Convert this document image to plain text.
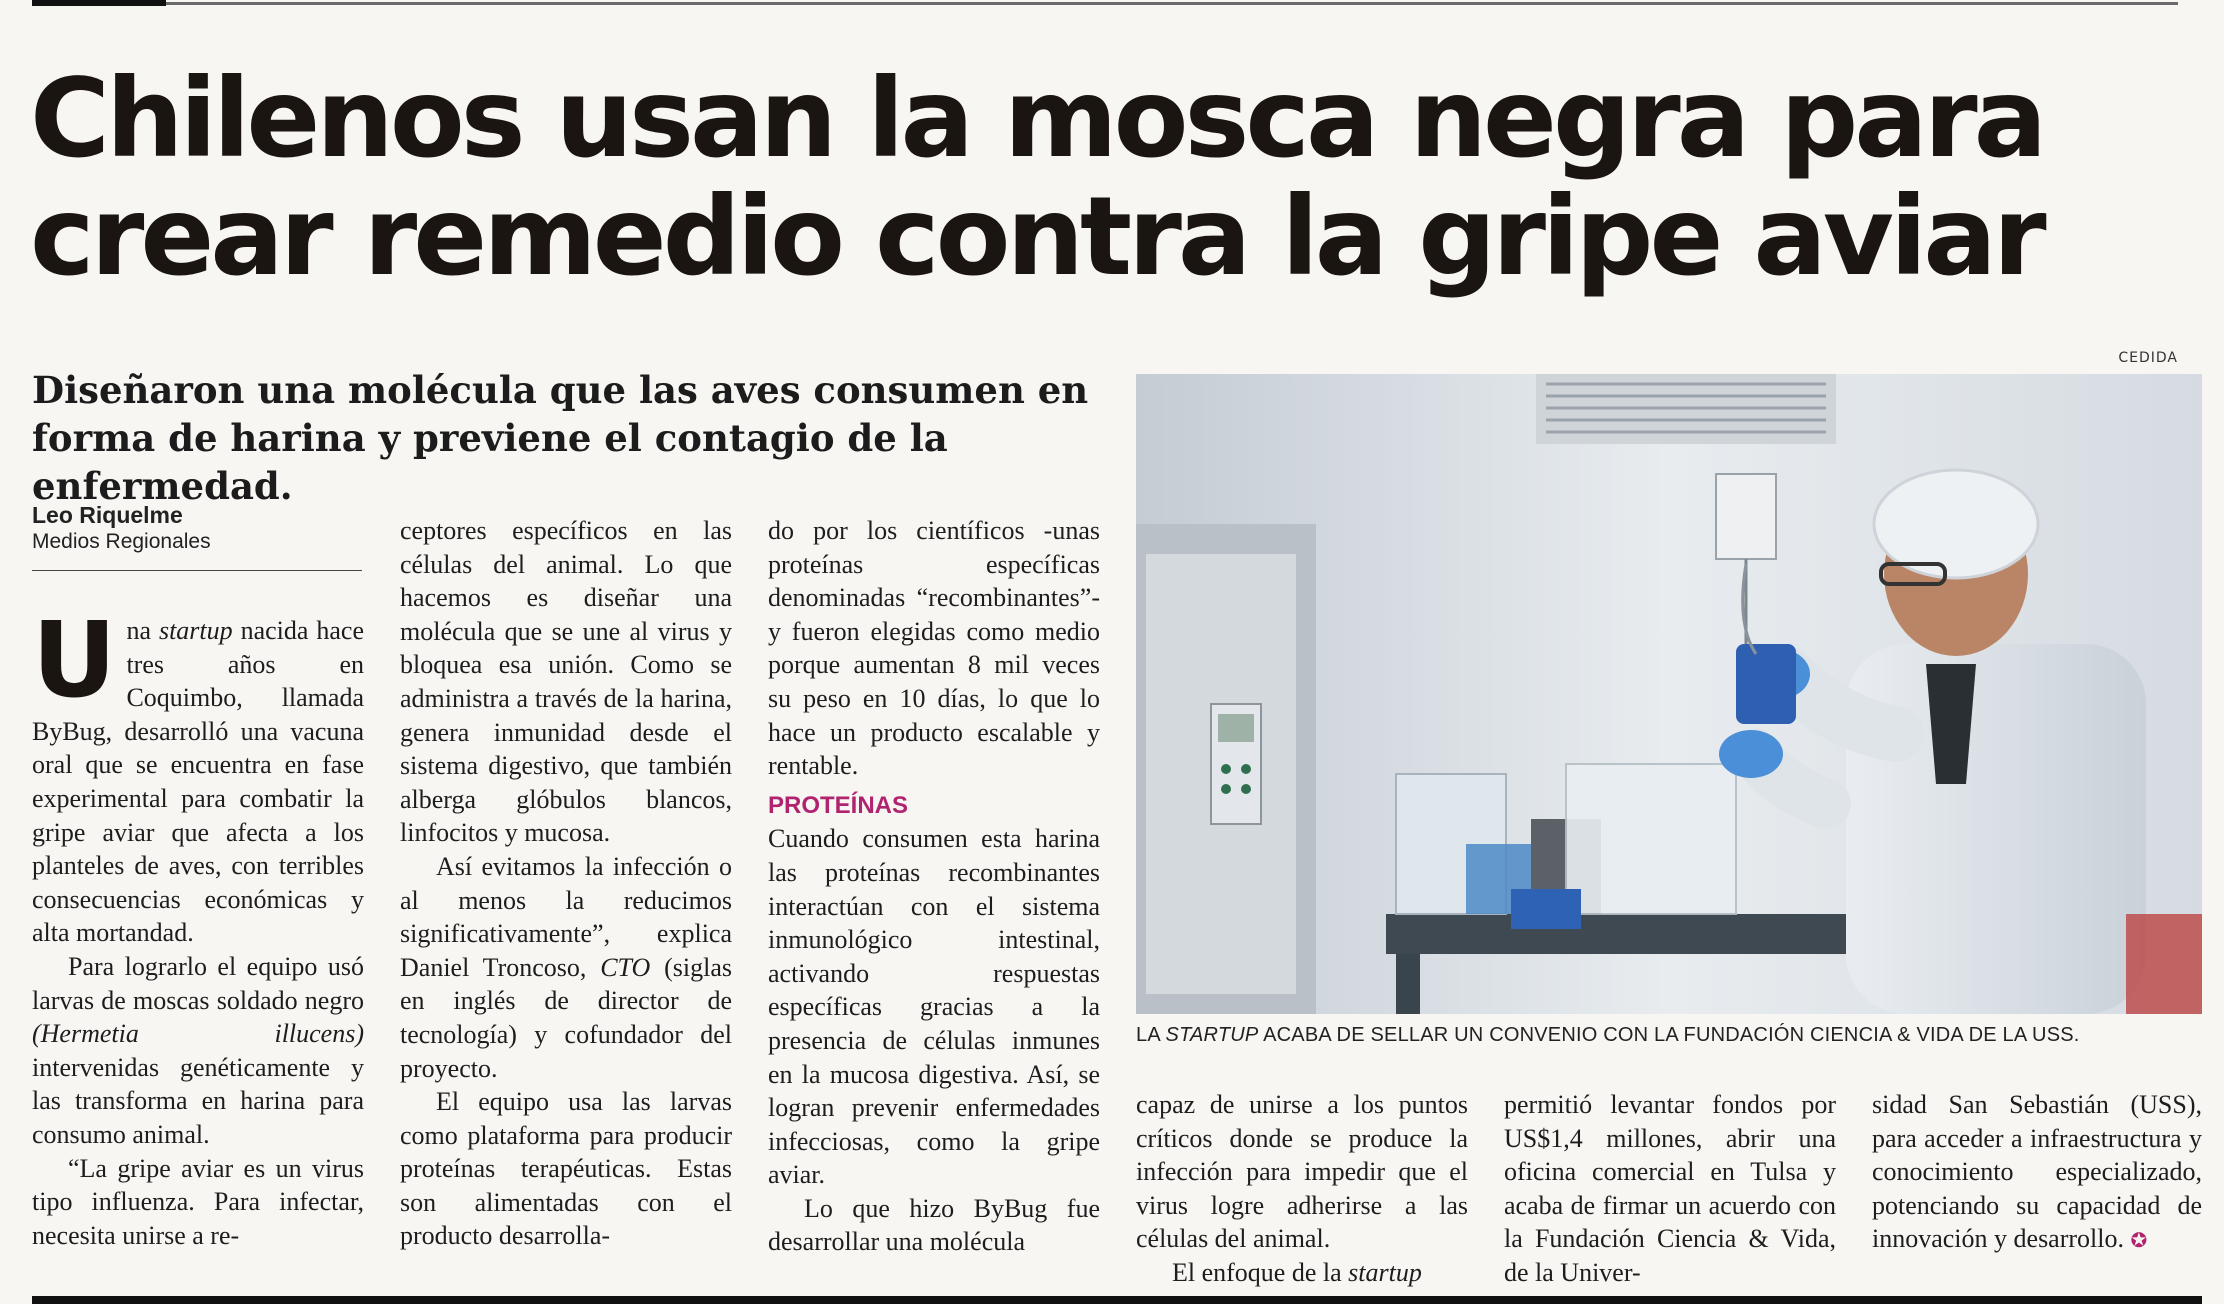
Chilenos usan la mosca negra para
crear remedio contra la gripe aviar
CEDIDA
Diseñaron una molécula que las aves consumen en forma de harina y previene el contagio de la enfermedad.
Leo Riquelme
Medios Regionales

Una startup nacida hace tres años en Coquimbo, llamada ByBug, desarrolló una vacuna oral que se encuentra en fase experimental para combatir la gripe aviar que afecta a los planteles de aves, con terribles consecuencias económicas y alta mortandad.

Para lograrlo el equipo usó larvas de moscas soldado negro (Hermetia illucens) intervenidas genéticamente y las transforma en harina para consumo animal.

“La gripe aviar es un virus tipo influenza. Para infectar, necesita unirse a re-

ceptores específicos en las células del animal. Lo que hacemos es diseñar una molécula que se une al virus y bloquea esa unión. Como se administra a través de la harina, genera inmunidad desde el sistema digestivo, que también alberga glóbulos blancos, linfocitos y mucosa.

Así evitamos la infección o al menos la reducimos significativamente”, explica Daniel Troncoso, CTO (siglas en inglés de director de tecnología) y cofundador del proyecto.

El equipo usa las larvas como plataforma para producir proteínas terapéuticas. Estas son alimentadas con el producto desarrolla-

do por los científicos -unas proteínas específicas denominadas “recombinantes”- y fueron elegidas como medio porque aumentan 8 mil veces su peso en 10 días, lo que lo hace un producto escalable y rentable.

PROTEÍNAS

Cuando consumen esta harina las proteínas recombinantes interactúan con el sistema inmunológico intestinal, activando respuestas específicas gracias a la presencia de células inmunes en la mucosa digestiva. Así, se logran prevenir enfermedades infecciosas, como la gripe aviar.

Lo que hizo ByBug fue desarrollar una molécula

LA STARTUP ACABA DE SELLAR UN CONVENIO CON LA FUNDACIÓN CIENCIA & VIDA DE LA USS.

capaz de unirse a los puntos críticos donde se produce la infección para impedir que el virus logre adherirse a las células del animal.

El enfoque de la startup

permitió levantar fondos por US$1,4 millones, abrir una oficina comercial en Tulsa y acaba de firmar un acuerdo con la Fundación Ciencia & Vida, de la Univer-

sidad San Sebastián (USS), para acceder a infraestructura y conocimiento especializado, potenciando su capacidad de innovación y desarrollo. ✪
